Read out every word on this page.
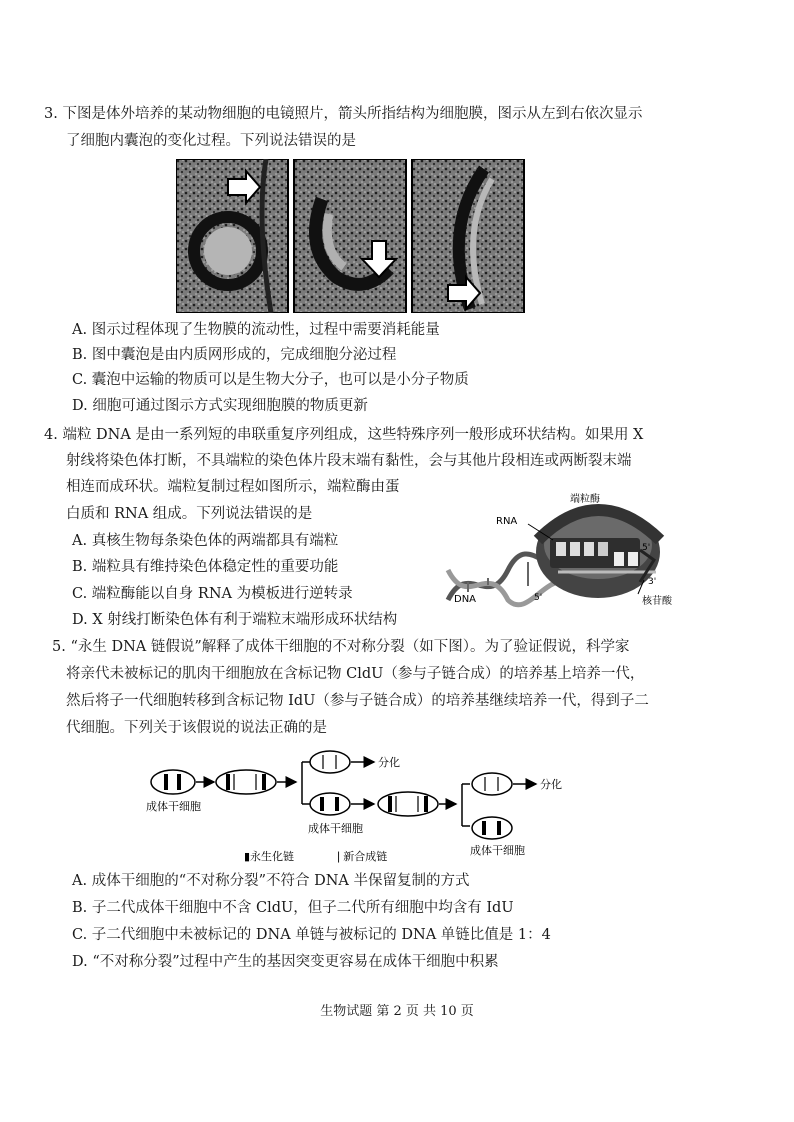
3. 下图是体外培养的某动物细胞的电镜照片，箭头所指结构为细胞膜，图示从左到右依次显示
了细胞内囊泡的变化过程。下列说法错误的是
A. 图示过程体现了生物膜的流动性，过程中需要消耗能量
B. 图中囊泡是由内质网形成的，完成细胞分泌过程
C. 囊泡中运输的物质可以是生物大分子，也可以是小分子物质
D. 细胞可通过图示方式实现细胞膜的物质更新
4. 端粒 DNA 是由一系列短的串联重复序列组成，这些特殊序列一般形成环状结构。如果用 X
射线将染色体打断，不具端粒的染色体片段末端有黏性，会与其他片段相连或两断裂末端
相连而成环状。端粒复制过程如图所示，端粒酶由蛋
白质和 RNA 组成。下列说法错误的是
A. 真核生物每条染色体的两端都具有端粒
B. 端粒具有维持染色体稳定性的重要功能
C. 端粒酶能以自身 RNA 为模板进行逆转录
D. X 射线打断染色体有利于端粒末端形成环状结构
端粒酶
RNA
DNA
5'
3'
5'	核苷酸
5. “永生 DNA 链假说”解释了成体干细胞的不对称分裂（如下图）。为了验证假说，科学家
将亲代未被标记的肌肉干细胞放在含标记物 CldU（参与子链合成）的培养基上培养一代，
然后将子一代细胞转移到含标记物 IdU（参与子链合成）的培养基继续培养一代，得到子二
代细胞。下列关于该假说的说法正确的是
分化
分化
成体干细胞
成体干细胞
成体干细胞
▮永生化链	❘新合成链
A. 成体干细胞的“不对称分裂”不符合 DNA 半保留复制的方式
B. 子二代成体干细胞中不含 CldU，但子二代所有细胞中均含有 IdU
C. 子二代细胞中未被标记的 DNA 单链与被标记的 DNA 单链比值是 1：4
D. “不对称分裂”过程中产生的基因突变更容易在成体干细胞中积累
生物试题 第 2 页 共 10 页
